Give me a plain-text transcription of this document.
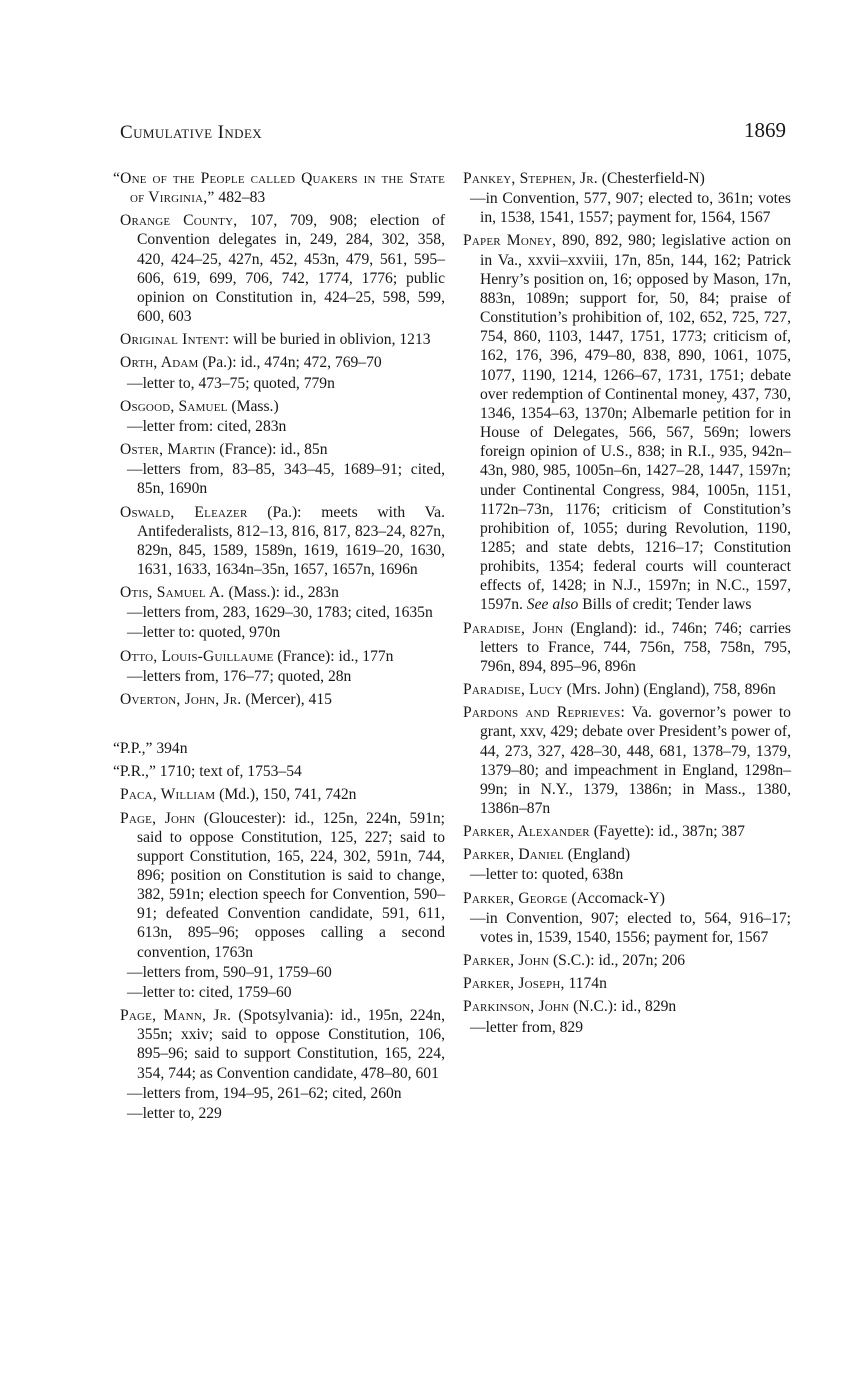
Cumulative Index	1869

“One of the People called Quakers in the State of Virginia,” 482–83

Orange County, 107, 709, 908; election of Convention delegates in, 249, 284, 302, 358, 420, 424–25, 427n, 452, 453n, 479, 561, 595–606, 619, 699, 706, 742, 1774, 1776; public opinion on Constitution in, 424–25, 598, 599, 600, 603

Original Intent: will be buried in oblivion, 1213

Orth, Adam (Pa.): id., 474n; 472, 769–70

—letter to, 473–75; quoted, 779n

Osgood, Samuel (Mass.)

—letter from: cited, 283n

Oster, Martin (France): id., 85n

—letters from, 83–85, 343–45, 1689–91; cited, 85n, 1690n

Oswald, Eleazer (Pa.): meets with Va. Antifederalists, 812–13, 816, 817, 823–24, 827n, 829n, 845, 1589, 1589n, 1619, 1619–20, 1630, 1631, 1633, 1634n–35n, 1657, 1657n, 1696n

Otis, Samuel A. (Mass.): id., 283n

—letters from, 283, 1629–30, 1783; cited, 1635n

—letter to: quoted, 970n

Otto, Louis-Guillaume (France): id., 177n

—letters from, 176–77; quoted, 28n

Overton, John, Jr. (Mercer), 415

“P.P.,” 394n

“P.R.,” 1710; text of, 1753–54

Paca, William (Md.), 150, 741, 742n

Page, John (Gloucester): id., 125n, 224n, 591n; said to oppose Constitution, 125, 227; said to support Constitution, 165, 224, 302, 591n, 744, 896; position on Constitution is said to change, 382, 591n; election speech for Convention, 590–91; defeated Convention candidate, 591, 611, 613n, 895–96; opposes calling a second convention, 1763n

—letters from, 590–91, 1759–60

—letter to: cited, 1759–60

Page, Mann, Jr. (Spotsylvania): id., 195n, 224n, 355n; xxiv; said to oppose Constitution, 106, 895–96; said to support Constitution, 165, 224, 354, 744; as Convention candidate, 478–80, 601

—letters from, 194–95, 261–62; cited, 260n

—letter to, 229

Pankey, Stephen, Jr. (Chesterfield-N)

—in Convention, 577, 907; elected to, 361n; votes in, 1538, 1541, 1557; payment for, 1564, 1567

Paper Money, 890, 892, 980; legislative action on in Va., xxvii–xxviii, 17n, 85n, 144, 162; Patrick Henry’s position on, 16; opposed by Mason, 17n, 883n, 1089n; support for, 50, 84; praise of Constitution’s prohibition of, 102, 652, 725, 727, 754, 860, 1103, 1447, 1751, 1773; criticism of, 162, 176, 396, 479–80, 838, 890, 1061, 1075, 1077, 1190, 1214, 1266–67, 1731, 1751; debate over redemption of Continental money, 437, 730, 1346, 1354–63, 1370n; Albemarle petition for in House of Delegates, 566, 567, 569n; lowers foreign opinion of U.S., 838; in R.I., 935, 942n–43n, 980, 985, 1005n–6n, 1427–28, 1447, 1597n; under Continental Congress, 984, 1005n, 1151, 1172n–73n, 1176; criticism of Constitution’s prohibition of, 1055; during Revolution, 1190, 1285; and state debts, 1216–17; Constitution prohibits, 1354; federal courts will counteract effects of, 1428; in N.J., 1597n; in N.C., 1597, 1597n. See also Bills of credit; Tender laws

Paradise, John (England): id., 746n; 746; carries letters to France, 744, 756n, 758, 758n, 795, 796n, 894, 895–96, 896n

Paradise, Lucy (Mrs. John) (England), 758, 896n

Pardons and Reprieves: Va. governor’s power to grant, xxv, 429; debate over President’s power of, 44, 273, 327, 428–30, 448, 681, 1378–79, 1379, 1379–80; and impeachment in England, 1298n–99n; in N.Y., 1379, 1386n; in Mass., 1380, 1386n–87n

Parker, Alexander (Fayette): id., 387n; 387

Parker, Daniel (England)

—letter to: quoted, 638n

Parker, George (Accomack-Y)

—in Convention, 907; elected to, 564, 916–17; votes in, 1539, 1540, 1556; payment for, 1567

Parker, John (S.C.): id., 207n; 206

Parker, Joseph, 1174n

Parkinson, John (N.C.): id., 829n

—letter from, 829
